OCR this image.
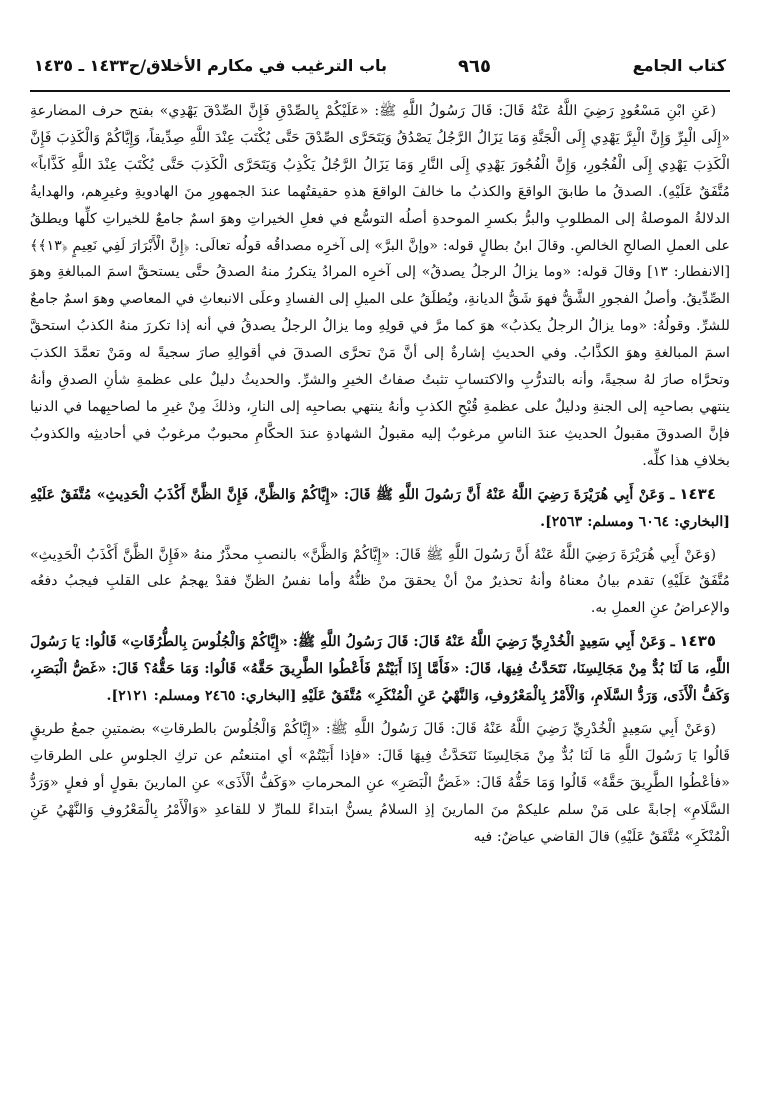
كتاب الجامع
٩٦٥
باب الترغيب في مكارم الأخلاق/ح١٤٣٣ ـ ١٤٣٥

(عَنِ ابْنِ مَسْعُودٍ رَضِيَ اللَّهُ عَنْهُ قَالَ: قَالَ رَسُولُ اللَّهِ ﷺ: «عَلَيْكُمْ بِالصِّدْقِ فَإِنَّ الصِّدْقَ يَهْدِي» بفتح حرف المضارعةِ «إِلَى الْبِرِّ وَإِنَّ الْبِرَّ يَهْدِي إِلَى الْجَنَّةِ وَمَا يَزَالُ الرَّجُلُ يَصْدُقُ وَيَتَحَرَّى الصِّدْقَ حَتَّى يُكْتَبَ عِنْدَ اللَّهِ صِدِّيقاً، وَإِيَّاكُمْ وَالْكَذِبَ فَإِنَّ الْكَذِبَ يَهْدِي إِلَى الْفُجُورِ، وَإِنَّ الْفُجُورَ يَهْدِي إِلَى النَّارِ وَمَا يَزَالُ الرَّجُلُ يَكْذِبُ وَيَتَحَرَّى الْكَذِبَ حَتَّى يُكْتَبَ عِنْدَ اللَّهِ كَذَّاباً» مُتَّفَقٌ عَلَيْهِ). الصدقُ ما طابقَ الواقعَ والكذبُ ما خالفَ الواقعَ هذهِ حقيقتُهما عندَ الجمهورِ منَ الهادويةِ وغيرِهم، والهدايةُ الدلالةُ الموصلةُ إلى المطلوبِ والبرُّ بكسرِ الموحدةِ أصلُه التوسُّع في فعلِ الخيراتِ وهوَ اسمٌ جامعٌ للخيراتِ كلِّها ويطلقُ على العملِ الصالحِ الخالصِ. وقالَ ابنُ بطالٍ قوله: «وإنَّ البرَّ» إلى آخرِه مصداقُه قولُه تعالَى: ﴿إِنَّ الْأَبْرَارَ لَفِي نَعِيمٍ ﴿١٣﴾﴾ [الانفطار: ١٣] وقالَ قوله: «وما يزالُ الرجلُ يصدقُ» إلى آخرِه المرادُ يتكررُ منهُ الصدقُ حتَّى يستحقَّ اسمَ المبالغةِ وهوَ الصِّدِّيقُ. وأصلُ الفجورِ الشَّقُّ فهوَ شَقُّ الديانةِ، ويُطلَقُ على الميلِ إلى الفسادِ وعلَى الانبعاثِ في المعاصي وهوَ اسمٌ جامعٌ للشرِّ. وقولُهُ: «وما يزالُ الرجلُ يكذبُ» هوَ كما مرَّ في قولِهِ وما يزالُ الرجلُ يصدقُ في أنه إذا تكررَ منهُ الكذبُ استحقَّ اسمَ المبالغةِ وهوَ الكذَّابُ. وفي الحديثِ إشارةٌ إلى أنَّ مَنْ تحرَّى الصدقَ في أقوالِهِ صارَ سجيةً له ومَنْ تعمَّدَ الكذبَ وتحرَّاه صارَ لهُ سجيةً، وأنه بالتدرُّبِ والاكتسابِ تثبتُ صفاتُ الخيرِ والشرِّ. والحديثُ دليلٌ على عظمةِ شأنِ الصدقِ وأنهُ ينتهي بصاحبِه إلى الجنةِ ودليلٌ على عظمةِ قُبْحِ الكذبِ وأنهُ ينتهي بصاحبِه إلى النارِ، وذلكَ مِنْ غيرِ ما لصاحبِهما في الدنيا فإنَّ الصدوقَ مقبولُ الحديثِ عندَ الناسِ مرغوبٌ إليه مقبولُ الشهادةِ عندَ الحكَّامِ محبوبٌ مرغوبٌ في أحاديثِه والكذوبُ بخلافِ هذا كلِّه.

١٤٣٤ ـ وَعَنْ أَبِي هُرَيْرَةَ رَضِيَ اللَّهُ عَنْهُ أَنَّ رَسُولَ اللَّهِ ﷺ قَالَ: «إِيَّاكُمْ وَالظَّنَّ، فَإِنَّ الظَّنَّ أَكْذَبُ الْحَدِيثِ» مُتَّفَقٌ عَلَيْهِ [البخاري: ٦٠٦٤ ومسلم: ٢٥٦٣].

(وَعَنْ أَبِي هُرَيْرَةَ رَضِيَ اللَّهُ عَنْهُ أَنَّ رَسُولَ اللَّهِ ﷺ قَالَ: «إِيَّاكُمْ وَالظَّنَّ» بالنصبِ محذَّرٌ منهُ «فَإِنَّ الظَّنَّ أَكْذَبُ الْحَدِيثِ» مُتَّفَقٌ عَلَيْهِ) تقدم بيانُ معناهُ وأنهُ تحذيرٌ منْ أنْ يحققَ منْ ظنُّهُ وأما نفسُ الظنِّ فقدْ يهجمُ على القلبِ فيجبُ دفعُه والإعراضُ عنِ العملِ به.

١٤٣٥ ـ وَعَنْ أَبِي سَعِيدٍ الْخُدْرِيِّ رَضِيَ اللَّهُ عَنْهُ قَالَ: قَالَ رَسُولُ اللَّهِ ﷺ: «إِيَّاكُمْ وَالْجُلُوسَ بِالطُّرُقَاتِ» قَالُوا: يَا رَسُولَ اللَّهِ، مَا لَنَا بُدٌّ مِنْ مَجَالِسِنَا، نَتَحَدَّثُ فِيهَا، قَالَ: «فَأَمَّا إِذَا أَبَيْتُمْ فَأَعْطُوا الطَّرِيقَ حَقَّهُ» قَالُوا: وَمَا حَقُّهُ؟ قَالَ: «غَضُّ الْبَصَرِ، وَكَفُّ الْأَذَى، وَرَدُّ السَّلَامِ، وَالْأَمْرُ بِالْمَعْرُوفِ، وَالنَّهْيُ عَنِ الْمُنْكَرِ» مُتَّفَقٌ عَلَيْهِ [البخاري: ٢٤٦٥ ومسلم: ٢١٢١].

(وَعَنْ أَبِي سَعِيدٍ الْخُدْرِيِّ رَضِيَ اللَّهُ عَنْهُ قَالَ: قَالَ رَسُولُ اللَّهِ ﷺ: «إِيَّاكُمْ وَالْجُلُوسَ بالطرقاتِ» بضمتينِ جمعُ طريقٍ قَالُوا يَا رَسُولَ اللَّهِ مَا لَنَا بُدٌّ مِنْ مَجَالِسِنَا نَتَحَدَّثُ فِيهَا قَالَ: «فإذا أَبَيْتُمْ» أي امتنعتُم عن تركِ الجلوسِ على الطرقاتِ «فأعْطُوا الطَّرِيقَ حَقَّهُ» قَالُوا وَمَا حَقُّهُ قَالَ: «غَضُّ الْبَصَرِ» عنِ المحرماتِ «وَكَفُّ الْأَذَى» عنِ المارينَ بقولٍ أو فعلٍ «وَرَدُّ السَّلَامِ» إجابةً على مَنْ سلم عليكمْ منَ المارينَ إذِ السلامُ يسنُّ ابتداءً للمارِّ لا للقاعدِ «وَالْأَمْرُ بِالْمَعْرُوفِ وَالنَّهْيُ عَنِ الْمُنْكَرِ» مُتَّفَقٌ عَلَيْهِ) قالَ القاضي عياضٌ: فيه
